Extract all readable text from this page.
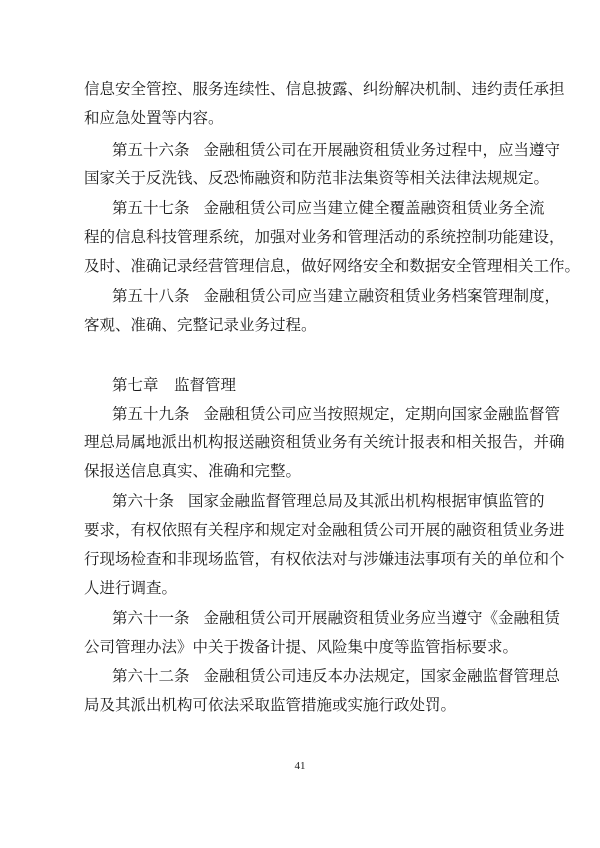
信息安全管控、服务连续性、信息披露、纠纷解决机制、违约责任承担
和应急处置等内容。
第五十六条 金融租赁公司在开展融资租赁业务过程中，应当遵守
国家关于反洗钱、反恐怖融资和防范非法集资等相关法律法规规定。
第五十七条 金融租赁公司应当建立健全覆盖融资租赁业务全流
程的信息科技管理系统，加强对业务和管理活动的系统控制功能建设，
及时、准确记录经营管理信息，做好网络安全和数据安全管理相关工作。
第五十八条 金融租赁公司应当建立融资租赁业务档案管理制度，
客观、准确、完整记录业务过程。
第七章　监督管理
第五十九条 金融租赁公司应当按照规定，定期向国家金融监督管
理总局属地派出机构报送融资租赁业务有关统计报表和相关报告，并确
保报送信息真实、准确和完整。
第六十条 国家金融监督管理总局及其派出机构根据审慎监管的
要求，有权依照有关程序和规定对金融租赁公司开展的融资租赁业务进
行现场检查和非现场监管，有权依法对与涉嫌违法事项有关的单位和个
人进行调查。
第六十一条 金融租赁公司开展融资租赁业务应当遵守《金融租赁
公司管理办法》中关于拨备计提、风险集中度等监管指标要求。
第六十二条 金融租赁公司违反本办法规定，国家金融监督管理总
局及其派出机构可依法采取监管措施或实施行政处罚。
41
